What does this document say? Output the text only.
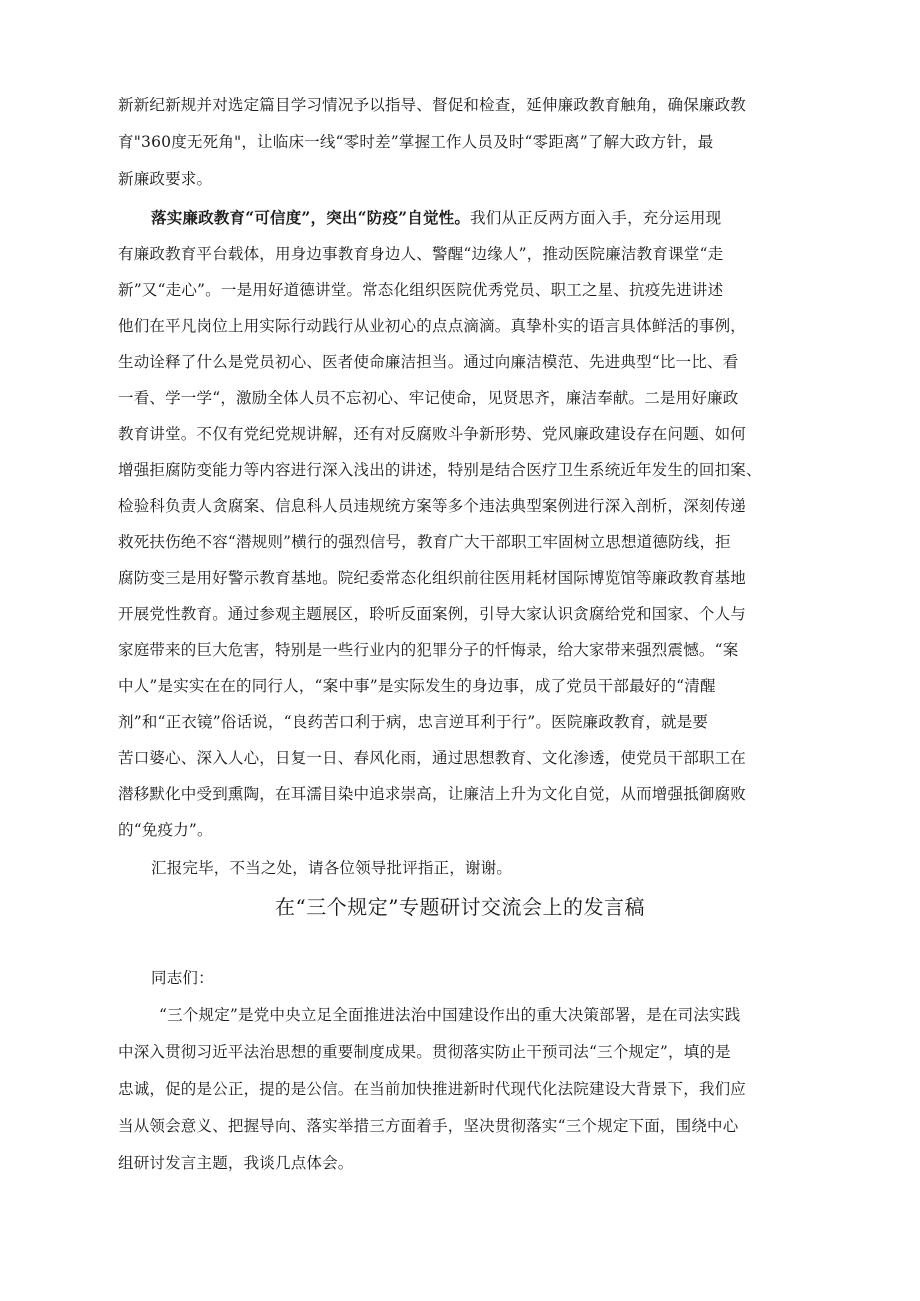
新新纪新规并对选定篇目学习情况予以指导、督促和检查，延伸廉政教育触角，确保廉政教
育"360度无死角"，让临床一线“零时差”掌握工作人员及时“零距离”了解大政方针，最
新廉政要求。
落实廉政教育“可信度”，突出“防疫”自觉性。我们从正反两方面入手，充分运用现
有廉政教育平台载体，用身边事教育身边人、警醒“边缘人”，推动医院廉洁教育课堂“走
新”又“走心”。一是用好道德讲堂。常态化组织医院优秀党员、职工之星、抗疫先进讲述
他们在平凡岗位上用实际行动践行从业初心的点点滴滴。真挚朴实的语言具体鲜活的事例，
生动诠释了什么是党员初心、医者使命廉洁担当。通过向廉洁模范、先进典型“比一比、看
一看、学一学“，激励全体人员不忘初心、牢记使命，见贤思齐，廉洁奉献。二是用好廉政
教育讲堂。不仅有党纪党规讲解，还有对反腐败斗争新形势、党风廉政建设存在问题、如何
增强拒腐防变能力等内容进行深入浅出的讲述，特别是结合医疗卫生系统近年发生的回扣案、
检验科负责人贪腐案、信息科人员违规统方案等多个违法典型案例进行深入剖析，深刻传递
救死扶伤绝不容“潜规则”横行的强烈信号，教育广大干部职工牢固树立思想道德防线，拒
腐防变三是用好警示教育基地。院纪委常态化组织前往医用耗材国际博览馆等廉政教育基地
开展党性教育。通过参观主题展区，聆听反面案例，引导大家认识贪腐给党和国家、个人与
家庭带来的巨大危害，特别是一些行业内的犯罪分子的忏悔录，给大家带来强烈震憾。“案
中人”是实实在在的同行人，“案中事”是实际发生的身边事，成了党员干部最好的“清醒
剂”和“正衣镜”俗话说，“良药苦口利于病，忠言逆耳利于行”。医院廉政教育，就是要
苦口婆心、深入人心，日复一日、春风化雨，通过思想教育、文化渗透，使党员干部职工在
潜移默化中受到熏陶，在耳濡目染中追求崇高，让廉洁上升为文化自觉，从而增强抵御腐败
的“免疫力”。
汇报完毕，不当之处，请各位领导批评指正，谢谢。
在“三个规定”专题研讨交流会上的发言稿
同志们：
“三个规定”是党中央立足全面推进法治中国建设作出的重大决策部署，是在司法实践
中深入贯彻习近平法治思想的重要制度成果。贯彻落实防止干预司法“三个规定”，填的是
忠诚，促的是公正，提的是公信。在当前加快推进新时代现代化法院建设大背景下，我们应
当从领会意义、把握导向、落实举措三方面着手，坚决贯彻落实“三个规定下面，围绕中心
组研讨发言主题，我谈几点体会。
